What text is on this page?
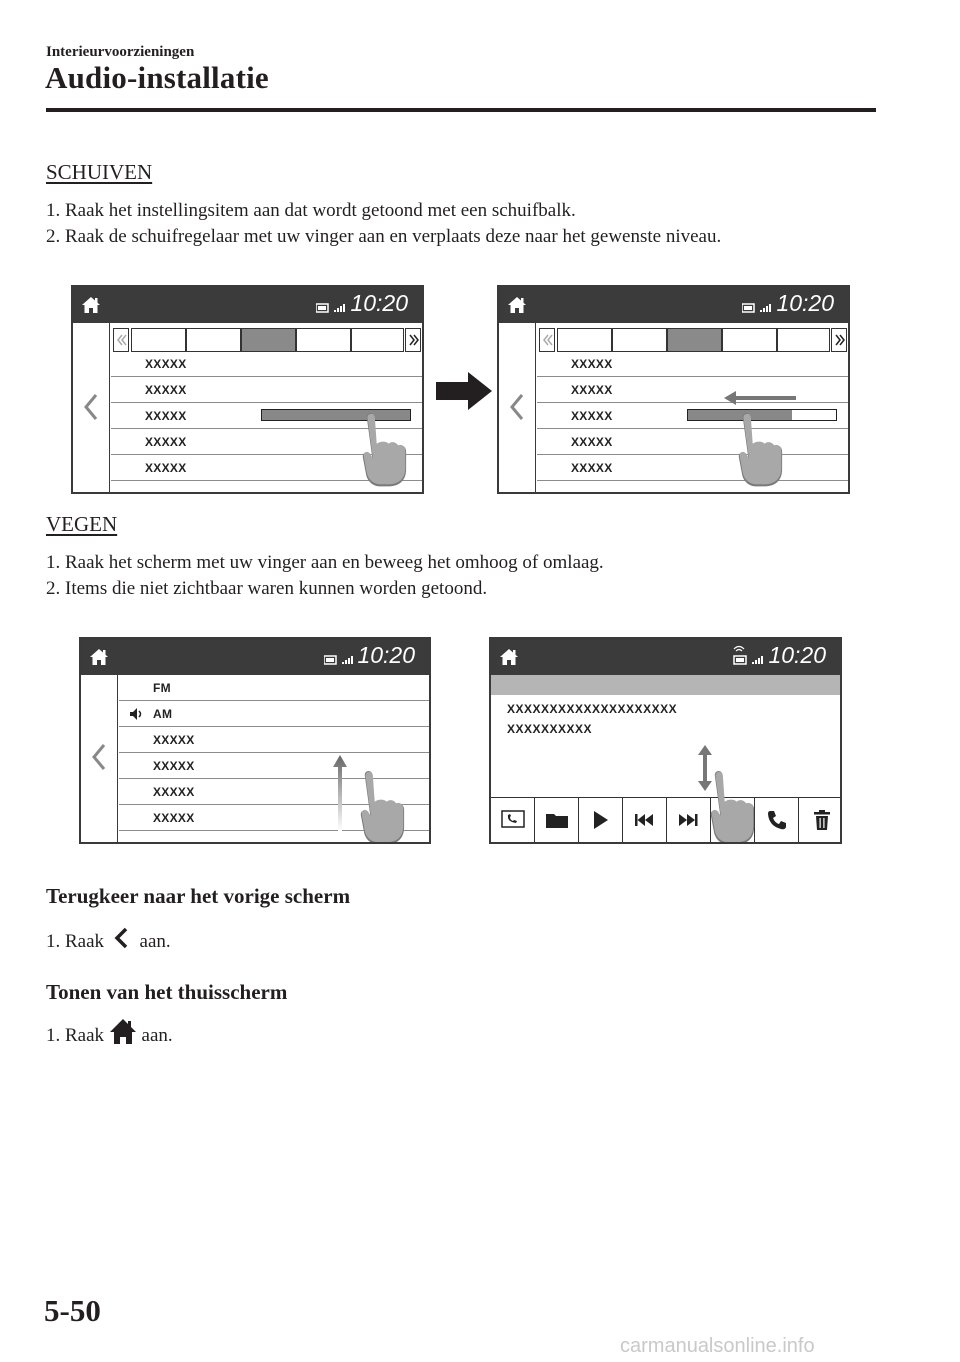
Interieurvoorzieningen
Audio-installatie
SCHUIVEN
1. Raak het instellingsitem aan dat wordt getoond met een schuifbalk.
2. Raak de schuifregelaar met uw vinger aan en verplaats deze naar het gewenste niveau.
10:20
XXXXX
XXXXX
XXXXX
XXXXX
XXXXX
10:20
XXXXX
XXXXX
XXXXX
XXXXX
XXXXX
VEGEN
1. Raak het scherm met uw vinger aan en beweeg het omhoog of omlaag.
2. Items die niet zichtbaar waren kunnen worden getoond.
10:20
FM
AM
XXXXX
XXXXX
XXXXX
XXXXX
10:20
XXXXXXXXXXXXXXXXXXXX
XXXXXXXXXX
Terugkeer naar het vorige scherm
1. Raak aan.
Tonen van het thuisscherm
1. Raak aan.
5-50
carmanualsonline.info
